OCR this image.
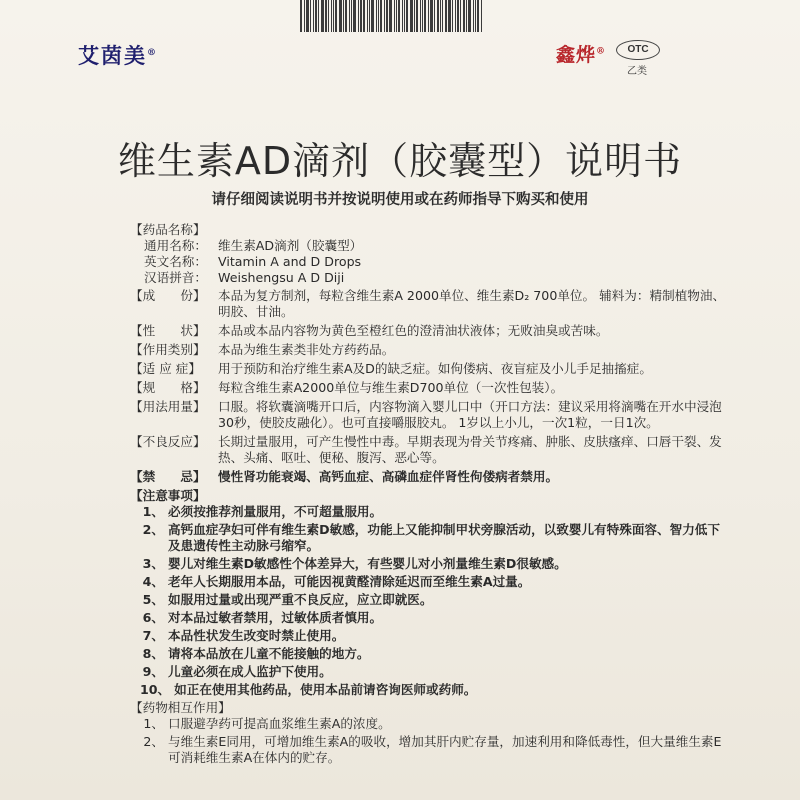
艾茵美®	鑫烨®	OTC
乙类
维生素AD滴剂（胶囊型）说明书
请仔细阅读说明书并按说明使用或在药师指导下购买和使用
【药品名称】
通用名称： 维生素AD滴剂（胶囊型）
英文名称： Vitamin A and D Drops
汉语拼音： Weishengsu A D Diji
【成　　份】 本品为复方制剂，每粒含维生素A 2000单位、维生素D₂ 700单位。 辅料为：精制植物油、明胶、甘油。
【性　　状】 本品或本品内容物为黄色至橙红色的澄清油状液体；无败油臭或苦味。
【作用类别】 本品为维生素类非处方药药品。
【适 应 症】	用于预防和治疗维生素A及D的缺乏症。如佝偻病、夜盲症及小儿手足抽搐症。
【规　　格】 每粒含维生素A2000单位与维生素D700单位（一次性包装）。
【用法用量】 口服。将软囊滴嘴开口后，内容物滴入婴儿口中（开口方法：建议采用将滴嘴在开水中浸泡30秒，使胶皮融化）。也可直接嚼服胶丸。 1岁以上小儿，一次1粒，一日1次。
【不良反应】 长期过量服用，可产生慢性中毒。早期表现为骨关节疼痛、肿胀、皮肤瘙痒、口唇干裂、发热、头痛、呕吐、便秘、腹泻、恶心等。
【禁　　忌】 慢性肾功能衰竭、高钙血症、高磷血症伴肾性佝偻病者禁用。
【注意事项】
1、 必须按推荐剂量服用，不可超量服用。
2、 高钙血症孕妇可伴有维生素D敏感，功能上又能抑制甲状旁腺活动，以致婴儿有特殊面容、智力低下及患遗传性主动脉弓缩窄。
3、 婴儿对维生素D敏感性个体差异大，有些婴儿对小剂量维生素D很敏感。
4、 老年人长期服用本品，可能因视黄醛清除延迟而至维生素A过量。
5、 如服用过量或出现严重不良反应，应立即就医。
6、 对本品过敏者禁用，过敏体质者慎用。
7、 本品性状发生改变时禁止使用。
8、 请将本品放在儿童不能接触的地方。
9、 儿童必须在成人监护下使用。
10、 如正在使用其他药品，使用本品前请咨询医师或药师。
【药物相互作用】
1、 口服避孕药可提高血浆维生素A的浓度。
2、 与维生素E同用，可增加维生素A的吸收，增加其肝内贮存量，加速利用和降低毒性，但大量维生素E可消耗维生素A在体内的贮存。
